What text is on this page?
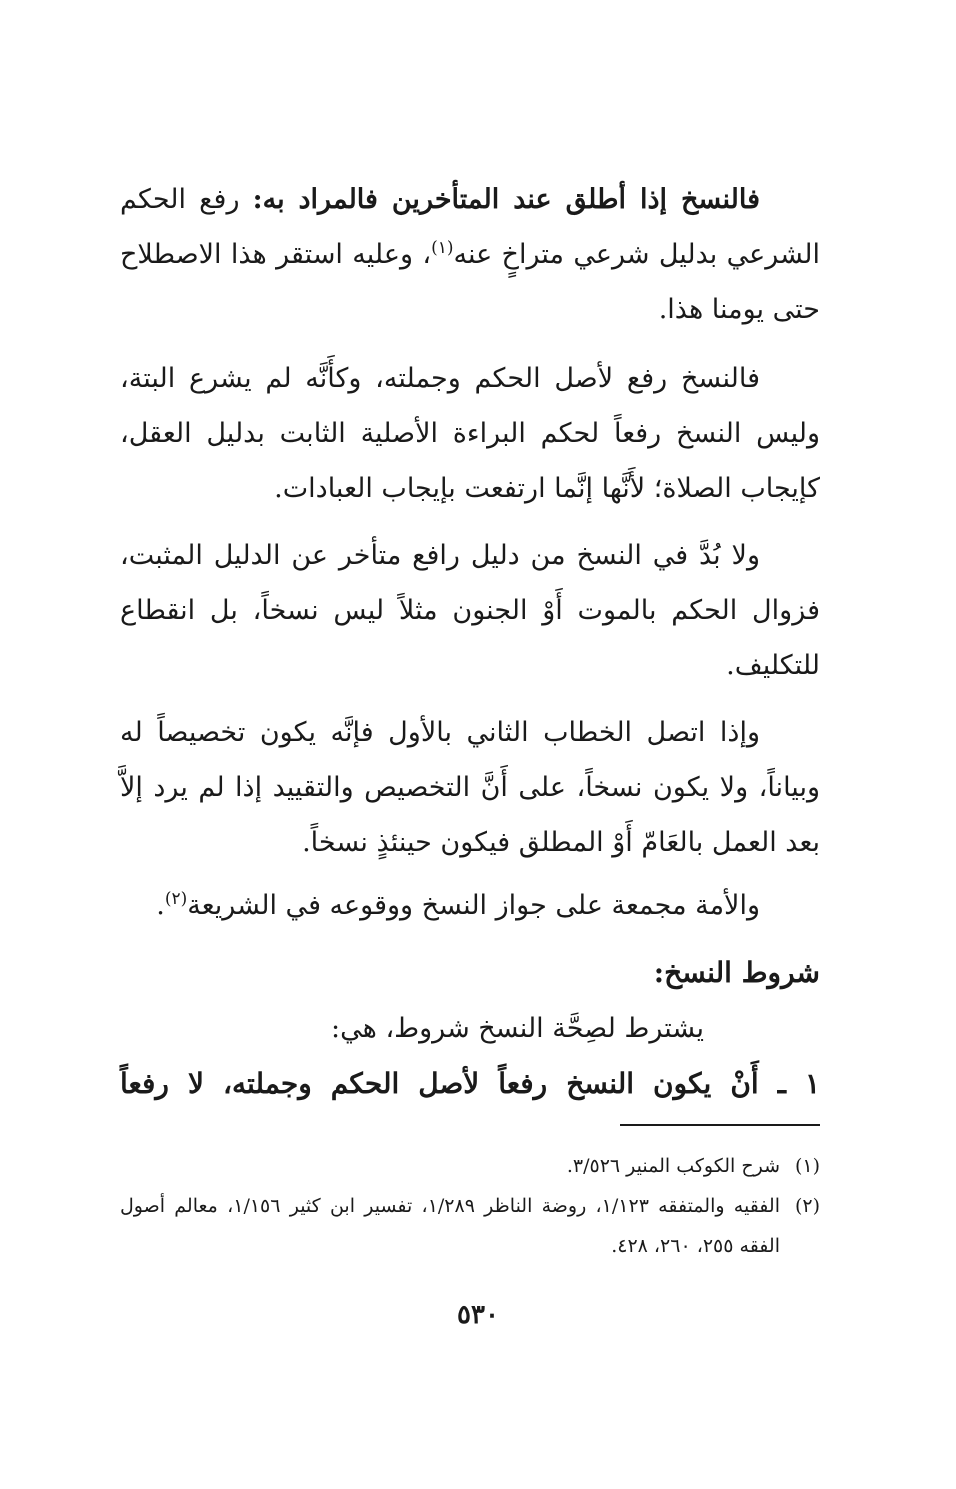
فالنسخ إذا أطلق عند المتأخرين فالمراد به: رفع الحكم الشرعي بدليل شرعي متراخٍ عنه$^{(١)}$، وعليه استقر هذا الاصطلاح حتى يومنا هذا.

فالنسخ رفع لأصل الحكم وجملته، وكأَنَّه لم يشرع البتة، وليس النسخ رفعاً لحكم البراءة الأصلية الثابت بدليل العقل، كإيجاب الصلاة؛ لأَنَّها إنَّما ارتفعت بإيجاب العبادات.

ولا بُدَّ في النسخ من دليل رافع متأخر عن الدليل المثبت، فزوال الحكم بالموت أَوْ الجنون مثلاً ليس نسخاً، بل انقطاع للتكليف.

وإذا اتصل الخطاب الثاني بالأول فإنَّه يكون تخصيصاً له وبياناً، ولا يكون نسخاً، على أَنَّ التخصيص والتقييد إذا لم يرد إلاَّ بعد العمل بالعَامّ أَوْ المطلق فيكون حينئذٍ نسخاً.

والأمة مجمعة على جواز النسخ ووقوعه في الشريعة$^{(٢)}$.

شروط النسخ:

يشترط لصِحَّة النسخ شروط، هي:

١ ـ أَنْ يكون النسخ رفعاً لأصل الحكم وجملته، لا رفعاً

(١)
شرح الكوكب المنير ٣/٥٢٦.
(٢)
الفقيه والمتفقه ١/١٢٣، روضة الناظر ١/٢٨٩، تفسير ابن كثير ١/١٥٦، معالم أصول الفقه ٢٥٥، ٢٦٠، ٤٢٨.
٥٣٠
